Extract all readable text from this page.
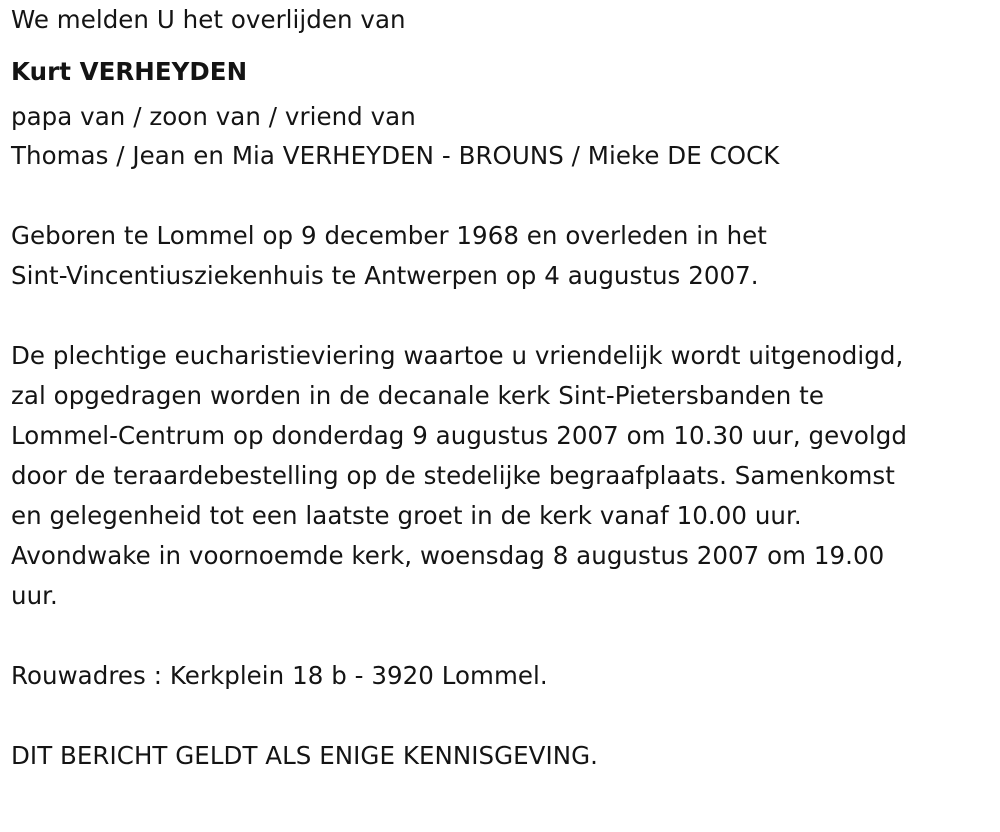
We melden U het overlijden van
Kurt VERHEYDEN
papa van / zoon van / vriend van
Thomas / Jean en Mia VERHEYDEN - BROUNS / Mieke DE COCK
Geboren te Lommel op 9 december 1968 en overleden in het
Sint-Vincentiusziekenhuis te Antwerpen op 4 augustus 2007.
De plechtige eucharistieviering waartoe u vriendelijk wordt uitgenodigd,
zal opgedragen worden in de decanale kerk Sint-Pietersbanden te
Lommel-Centrum op donderdag 9 augustus 2007 om 10.30 uur, gevolgd
door de teraardebestelling op de stedelijke begraafplaats. Samenkomst
en gelegenheid tot een laatste groet in de kerk vanaf 10.00 uur.
Avondwake in voornoemde kerk, woensdag 8 augustus 2007 om 19.00
uur.
Rouwadres : Kerkplein 18 b - 3920 Lommel.
DIT BERICHT GELDT ALS ENIGE KENNISGEVING.
